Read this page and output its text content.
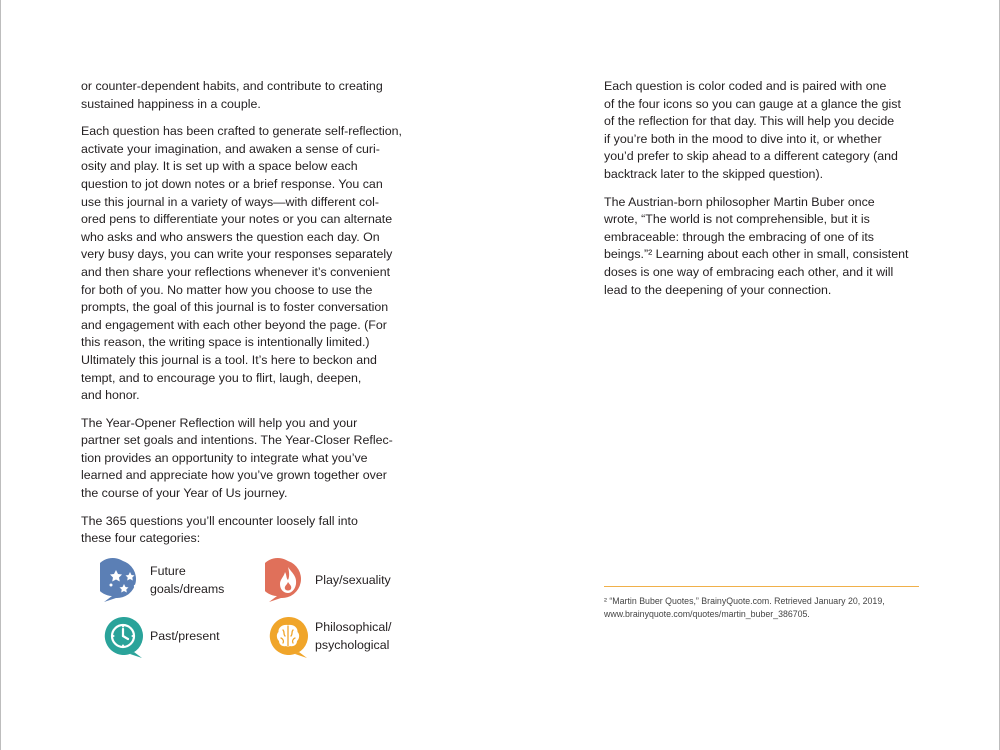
or counter-dependent habits, and contribute to creating
sustained happiness in a couple.

Each question has been crafted to generate self-reflection,
activate your imagination, and awaken a sense of curi-
osity and play. It is set up with a space below each
question to jot down notes or a brief response. You can
use this journal in a variety of ways—with different col-
ored pens to differentiate your notes or you can alternate
who asks and who answers the question each day. On
very busy days, you can write your responses separately
and then share your reflections whenever it’s convenient
for both of you. No matter how you choose to use the
prompts, the goal of this journal is to foster conversation
and engagement with each other beyond the page. (For
this reason, the writing space is intentionally limited.)
Ultimately this journal is a tool. It’s here to beckon and
tempt, and to encourage you to flirt, laugh, deepen,
and honor.

The Year-Opener Reflection will help you and your
partner set goals and intentions. The Year-Closer Reflec-
tion provides an opportunity to integrate what you’ve
learned and appreciate how you’ve grown together over
the course of your Year of Us journey.

The 365 questions you’ll encounter loosely fall into
these four categories:

Future
goals/dreams
Play/sexuality
Past/present
Philosophical/
psychological

Each question is color coded and is paired with one
of the four icons so you can gauge at a glance the gist
of the reflection for that day. This will help you decide
if you’re both in the mood to dive into it, or whether
you’d prefer to skip ahead to a different category (and
backtrack later to the skipped question).

The Austrian-born philosopher Martin Buber once
wrote, “The world is not comprehensible, but it is
embraceable: through the embracing of one of its
beings.”² Learning about each other in small, consistent
doses is one way of embracing each other, and it will
lead to the deepening of your connection.

² “Martin Buber Quotes,” BrainyQuote.com. Retrieved January 20, 2019,
www.brainyquote.com/quotes/martin_buber_386705.
